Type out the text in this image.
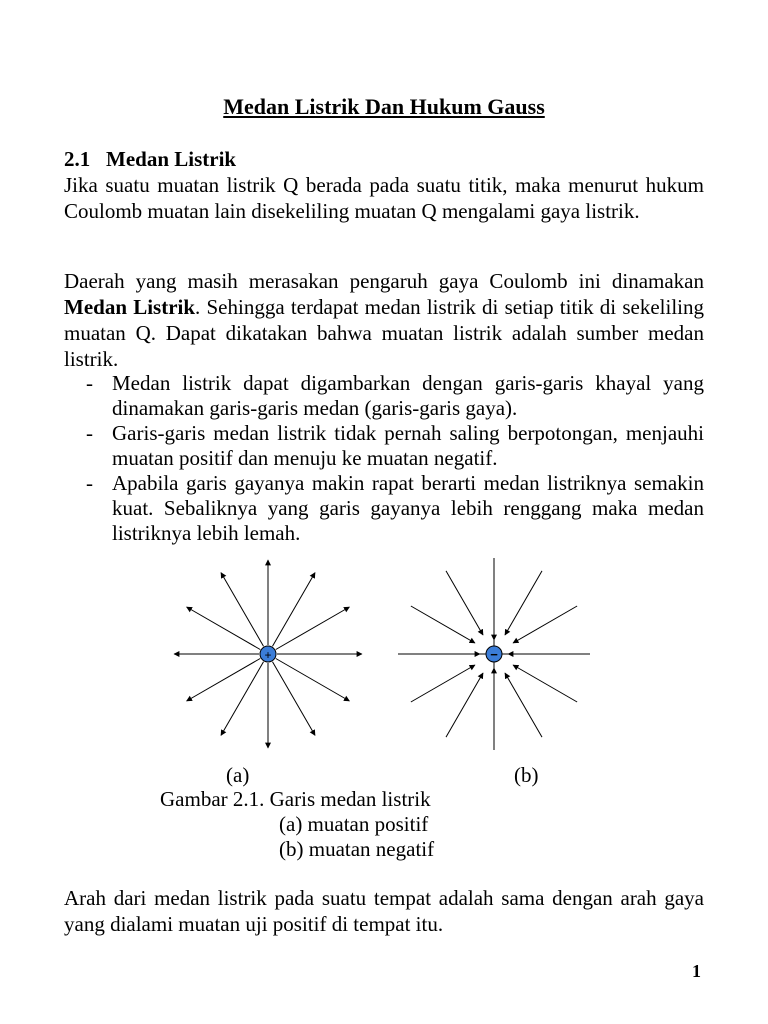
Medan Listrik Dan Hukum Gauss
2.1 Medan Listrik
Jika suatu muatan listrik Q berada pada suatu titik, maka menurut hukum Coulomb muatan lain disekeliling muatan Q mengalami gaya listrik.
Daerah yang masih merasakan pengaruh gaya Coulomb ini dinamakan Medan Listrik. Sehingga terdapat medan listrik di setiap titik di sekeliling muatan Q. Dapat dikatakan bahwa muatan listrik adalah sumber medan listrik.
- Medan listrik dapat digambarkan dengan garis-garis khayal yang dinamakan garis-garis medan (garis-garis gaya).
- Garis-garis medan listrik tidak pernah saling berpotongan, menjauhi muatan positif dan menuju ke muatan negatif.
- Apabila garis gayanya makin rapat berarti medan listriknya semakin kuat. Sebaliknya yang garis gayanya lebih renggang maka medan listriknya lebih lemah.
+	−
(a)	(b)
Gambar 2.1. Garis medan listrik
(a) muatan positif
(b) muatan negatif
Arah dari medan listrik pada suatu tempat adalah sama dengan arah gaya yang dialami muatan uji positif di tempat itu.
1
